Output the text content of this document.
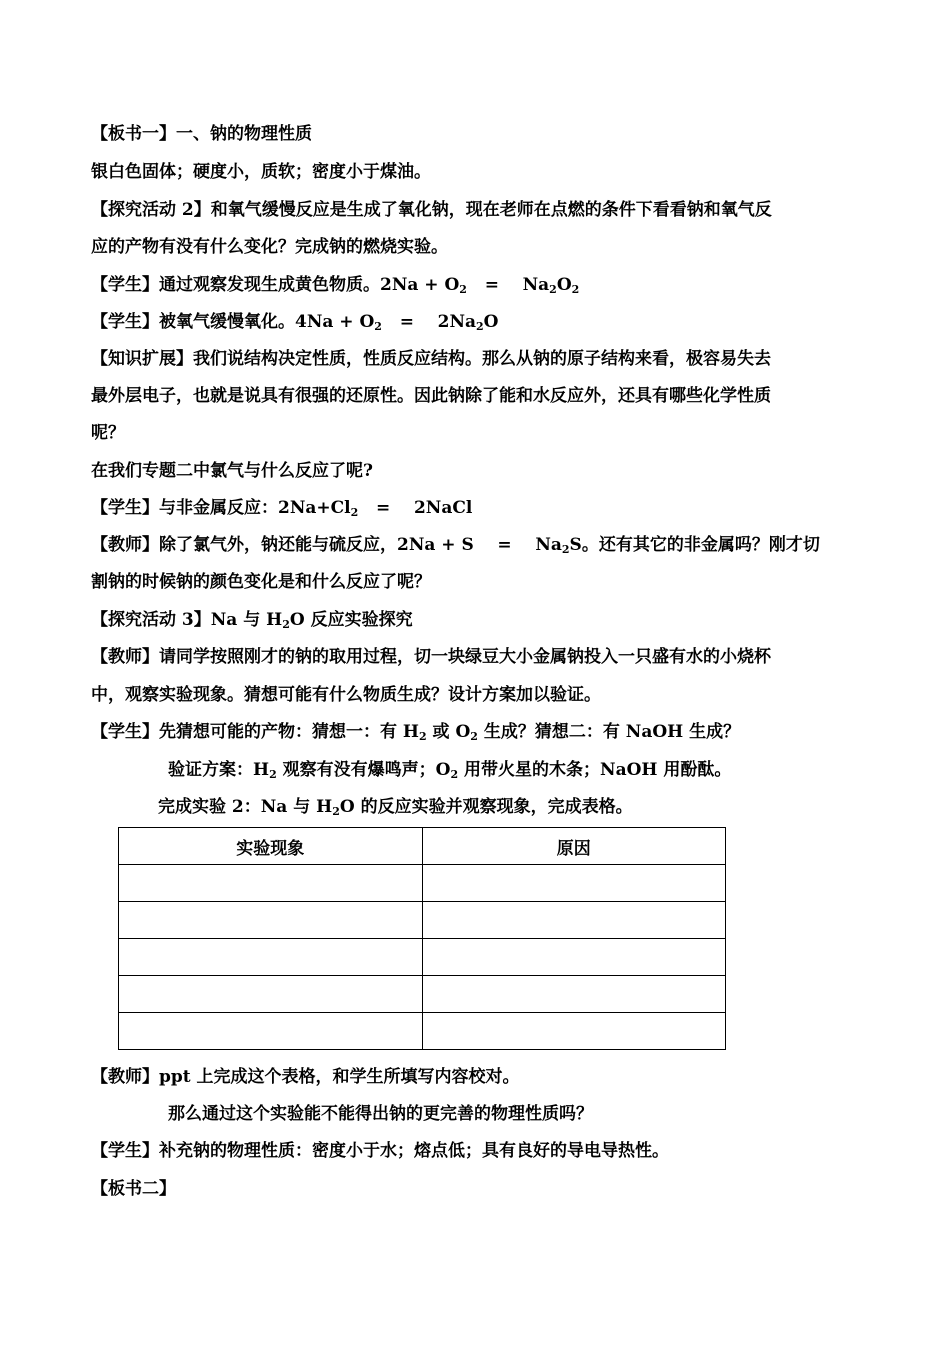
【板书一】一、钠的物理性质
银白色固体；硬度小，质软；密度小于煤油。
【探究活动 2】和氧气缓慢反应是生成了氧化钠，现在老师在点燃的条件下看看钠和氧气反
应的产物有没有什么变化？完成钠的燃烧实验。
【学生】通过观察发现生成黄色物质。$2Na + O_2$   =    $Na_2O_2$
【学生】被氧气缓慢氧化。$4Na + O_2$   =    $2Na_2O$
【知识扩展】我们说结构决定性质，性质反应结构。那么从钠的原子结构来看，极容易失去
最外层电子，也就是说具有很强的还原性。因此钠除了能和水反应外，还具有哪些化学性质
呢？
在我们专题二中氯气与什么反应了呢?
【学生】与非金属反应：$2Na+Cl_2$   =    2NaCl
【教师】除了氯气外，钠还能与硫反应，2Na + S    =    $Na_2S$。还有其它的非金属吗？刚才切
割钠的时候钠的颜色变化是和什么反应了呢？
【探究活动 3】Na 与 $H_2O$ 反应实验探究
【教师】请同学按照刚才的钠的取用过程，切一块绿豆大小金属钠投入一只盛有水的小烧杯
中，观察实验现象。猜想可能有什么物质生成？设计方案加以验证。
【学生】先猜想可能的产物：猜想一：有 $H_2$ 或 $O_2$ 生成？猜想二：有 NaOH 生成？
验证方案：$H_2$ 观察有没有爆鸣声；$O_2$ 用带火星的木条；NaOH 用酚酞。
完成实验 2：Na 与 $H_2O$ 的反应实验并观察现象，完成表格。
实验现象	原因

【教师】ppt 上完成这个表格，和学生所填写内容校对。
那么通过这个实验能不能得出钠的更完善的物理性质吗？
【学生】补充钠的物理性质：密度小于水；熔点低；具有良好的导电导热性。
【板书二】
